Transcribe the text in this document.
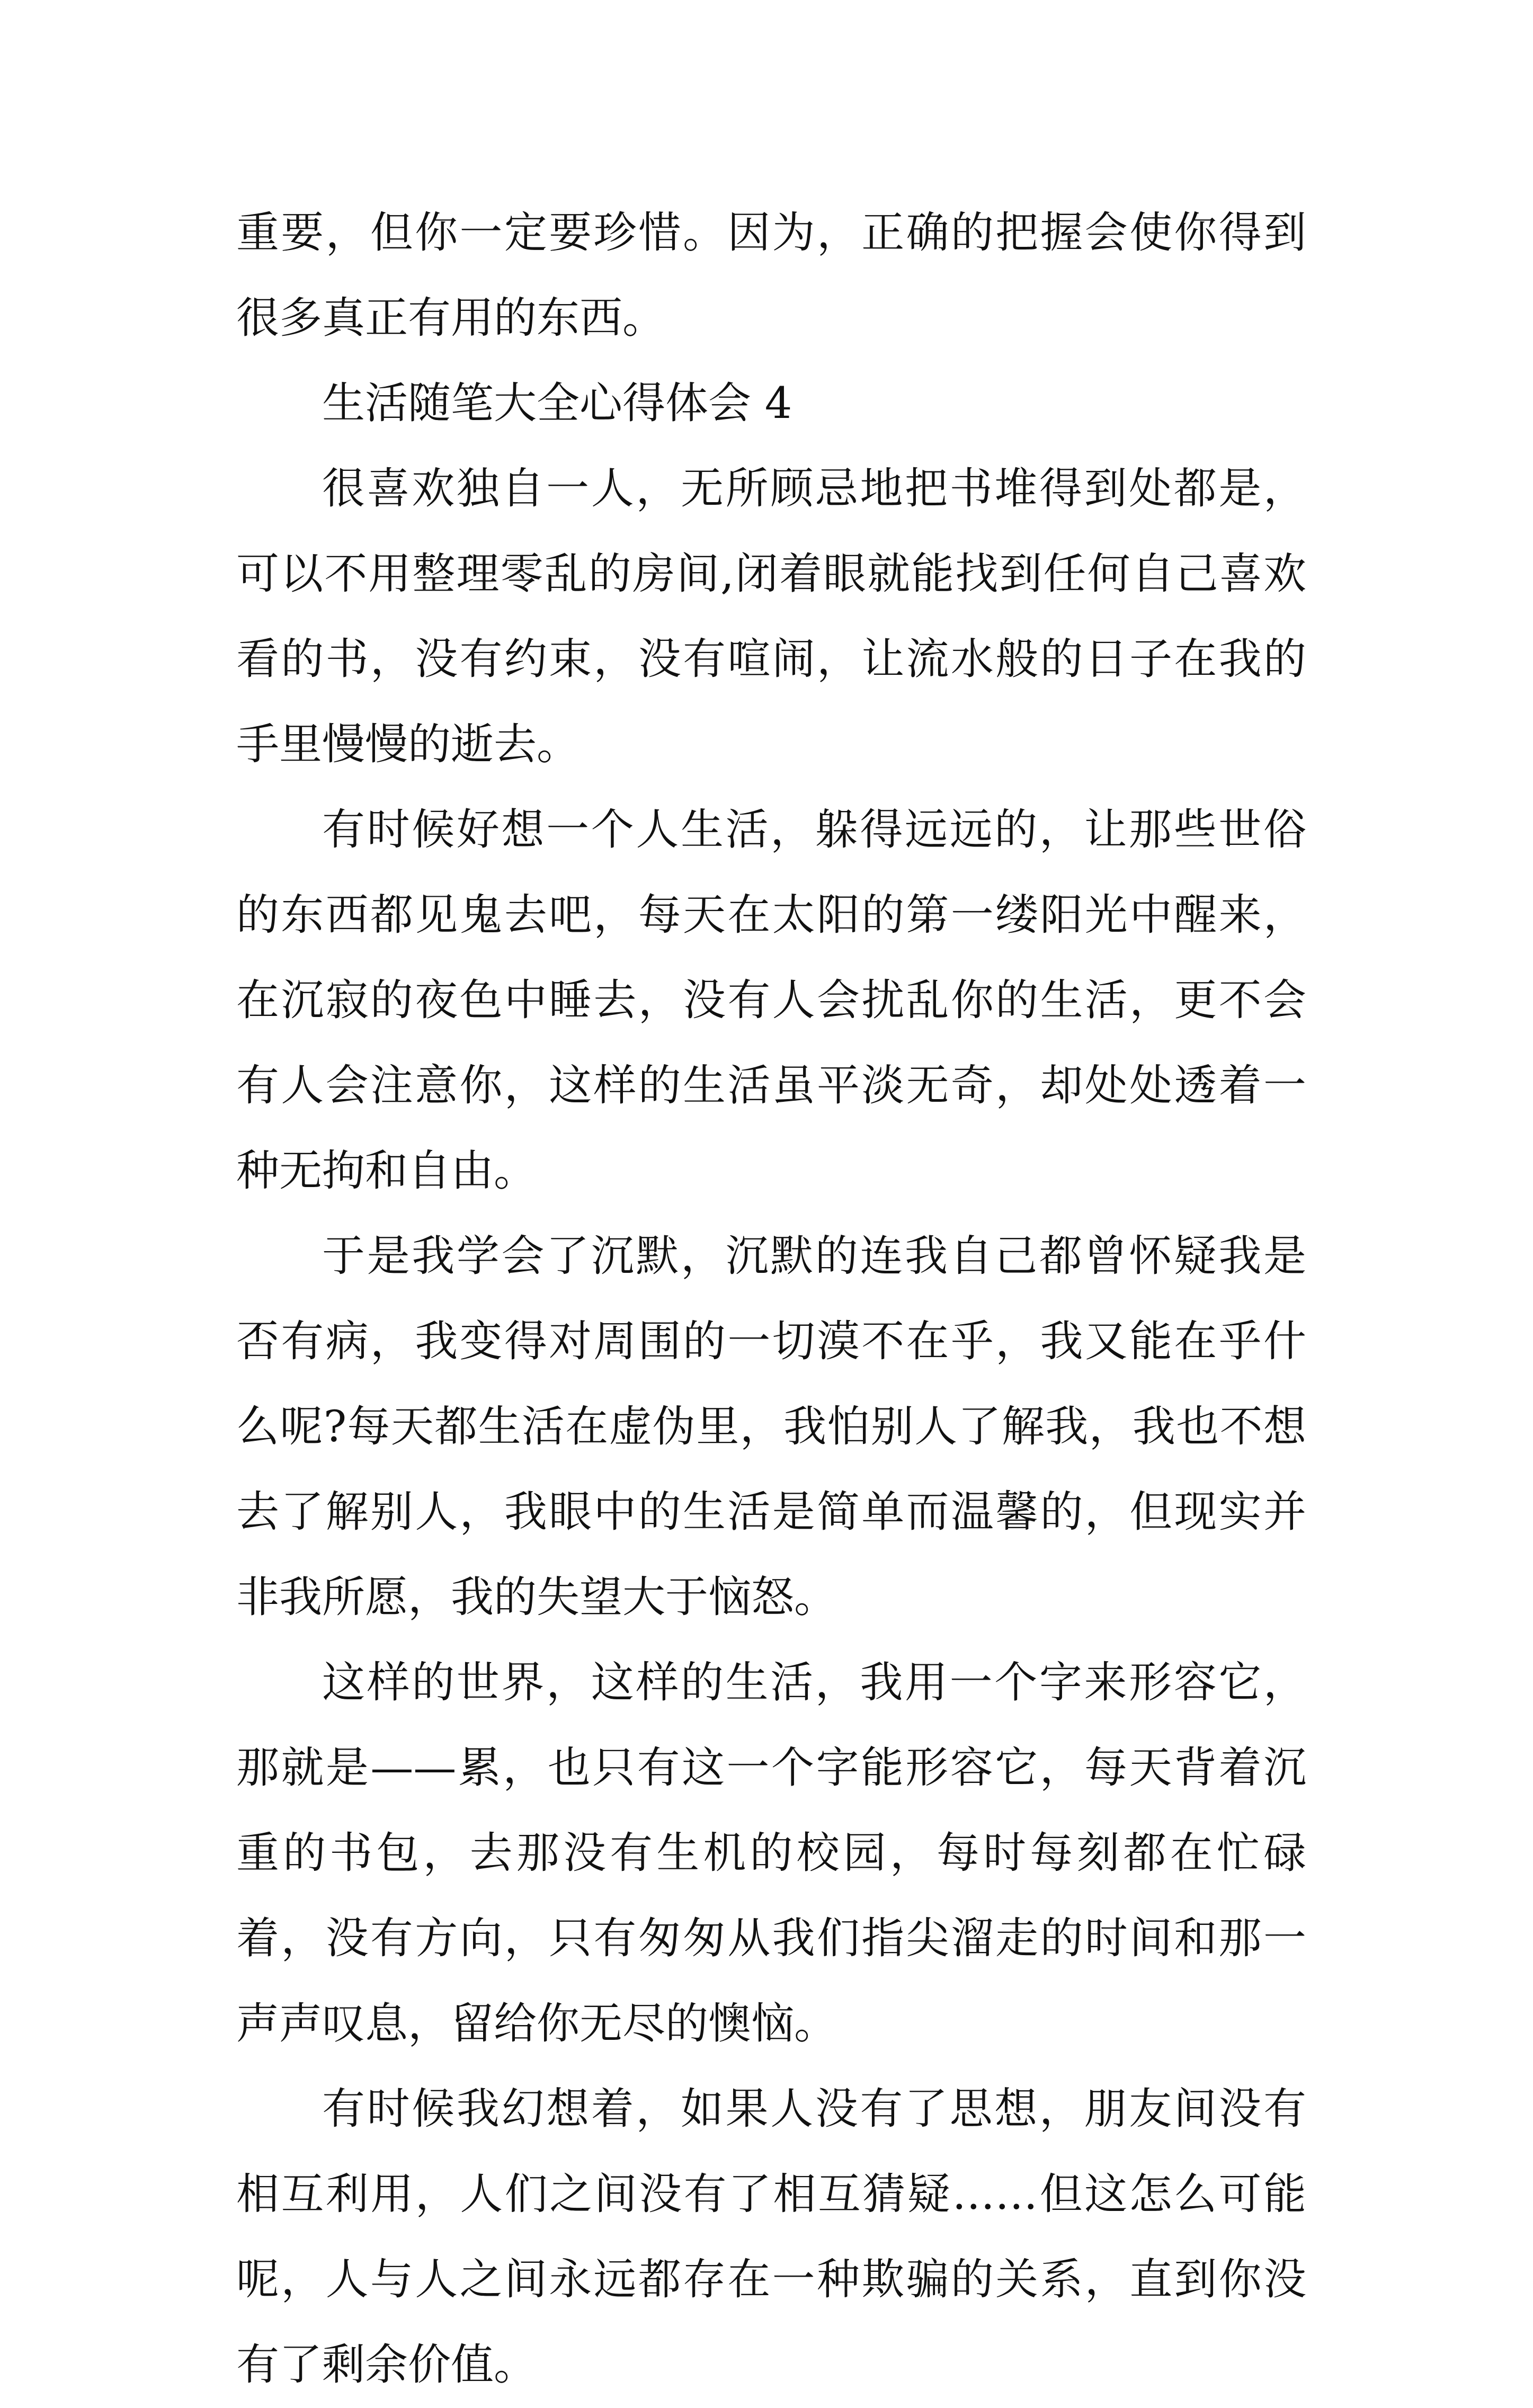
重要，但你一定要珍惜。因为，正确的把握会使你得到很多真正有用的东西。

生活随笔大全心得体会 4

很喜欢独自一人，无所顾忌地把书堆得到处都是，可以不用整理零乱的房间,闭着眼就能找到任何自己喜欢看的书，没有约束，没有喧闹，让流水般的日子在我的手里慢慢的逝去。

有时候好想一个人生活，躲得远远的，让那些世俗的东西都见鬼去吧，每天在太阳的第一缕阳光中醒来，在沉寂的夜色中睡去，没有人会扰乱你的生活，更不会有人会注意你，这样的生活虽平淡无奇，却处处透着一种无拘和自由。

于是我学会了沉默，沉默的连我自己都曾怀疑我是否有病，我变得对周围的一切漠不在乎，我又能在乎什么呢?每天都生活在虚伪里，我怕别人了解我，我也不想去了解别人，我眼中的生活是简单而温馨的，但现实并非我所愿，我的失望大于恼怒。

这样的世界，这样的生活，我用一个字来形容它，那就是——累，也只有这一个字能形容它，每天背着沉重的书包，去那没有生机的校园，每时每刻都在忙碌着，没有方向，只有匆匆从我们指尖溜走的时间和那一声声叹息，留给你无尽的懊恼。

有时候我幻想着，如果人没有了思想，朋友间没有相互利用，人们之间没有了相互猜疑……但这怎么可能呢，人与人之间永远都存在一种欺骗的关系，直到你没有了剩余价值。
